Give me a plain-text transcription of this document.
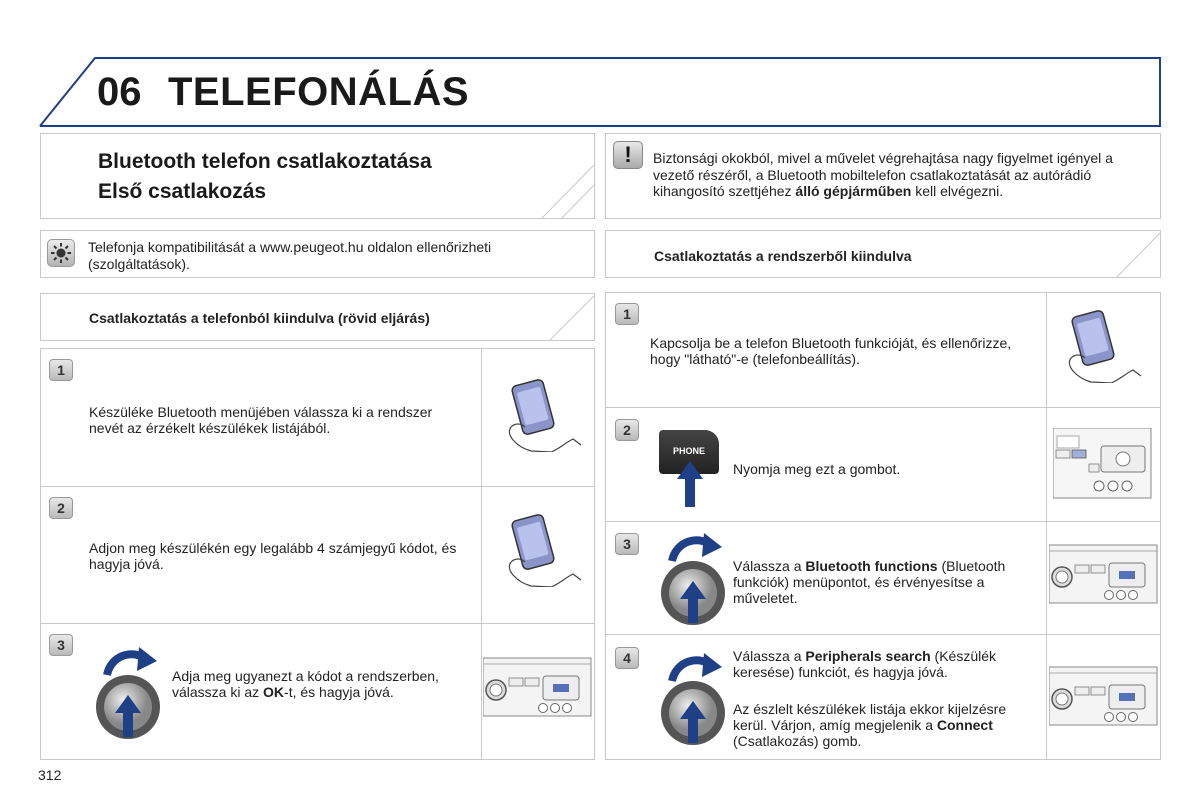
06 TELEFONÁLÁS
Bluetooth telefon csatlakoztatása
Első csatlakozás
!	Biztonsági okokból, mivel a művelet végrehajtása nagy figyelmet igényel a vezető részéről, a Bluetooth mobiltelefon csatlakoztatását az autórádió kihangosító szettjéhez álló gépjárműben kell elvégezni.
Telefonja kompatibilitását a www.peugeot.hu oldalon ellenőrizheti (szolgáltatások).
Csatlakoztatás a telefonból kiindulva (rövid eljárás)
Csatlakoztatás a rendszerből kiindulva
1
Készüléke Bluetooth menüjében válassza ki a rendszer nevét az érzékelt készülékek listájából.
2
Adjon meg készülékén egy legalább 4 számjegyű kódot, és hagyja jóvá.
3
Adja meg ugyanezt a kódot a rendszerben, válassza ki az OK-t, és hagyja jóvá.
1
Kapcsolja be a telefon Bluetooth funkcióját, és ellenőrizze, hogy "látható"-e (telefonbeállítás).
2
PHONE
Nyomja meg ezt a gombot.
3
Válassza a Bluetooth functions (Bluetooth funkciók) menüpontot, és érvényesítse a műveletet.
4	Válassza a Peripherals search (Készülék keresése) funkciót, és hagyja jóvá.
Az észlelt készülékek listája ekkor kijelzésre kerül. Várjon, amíg megjelenik a Connect (Csatlakozás) gomb.
312
